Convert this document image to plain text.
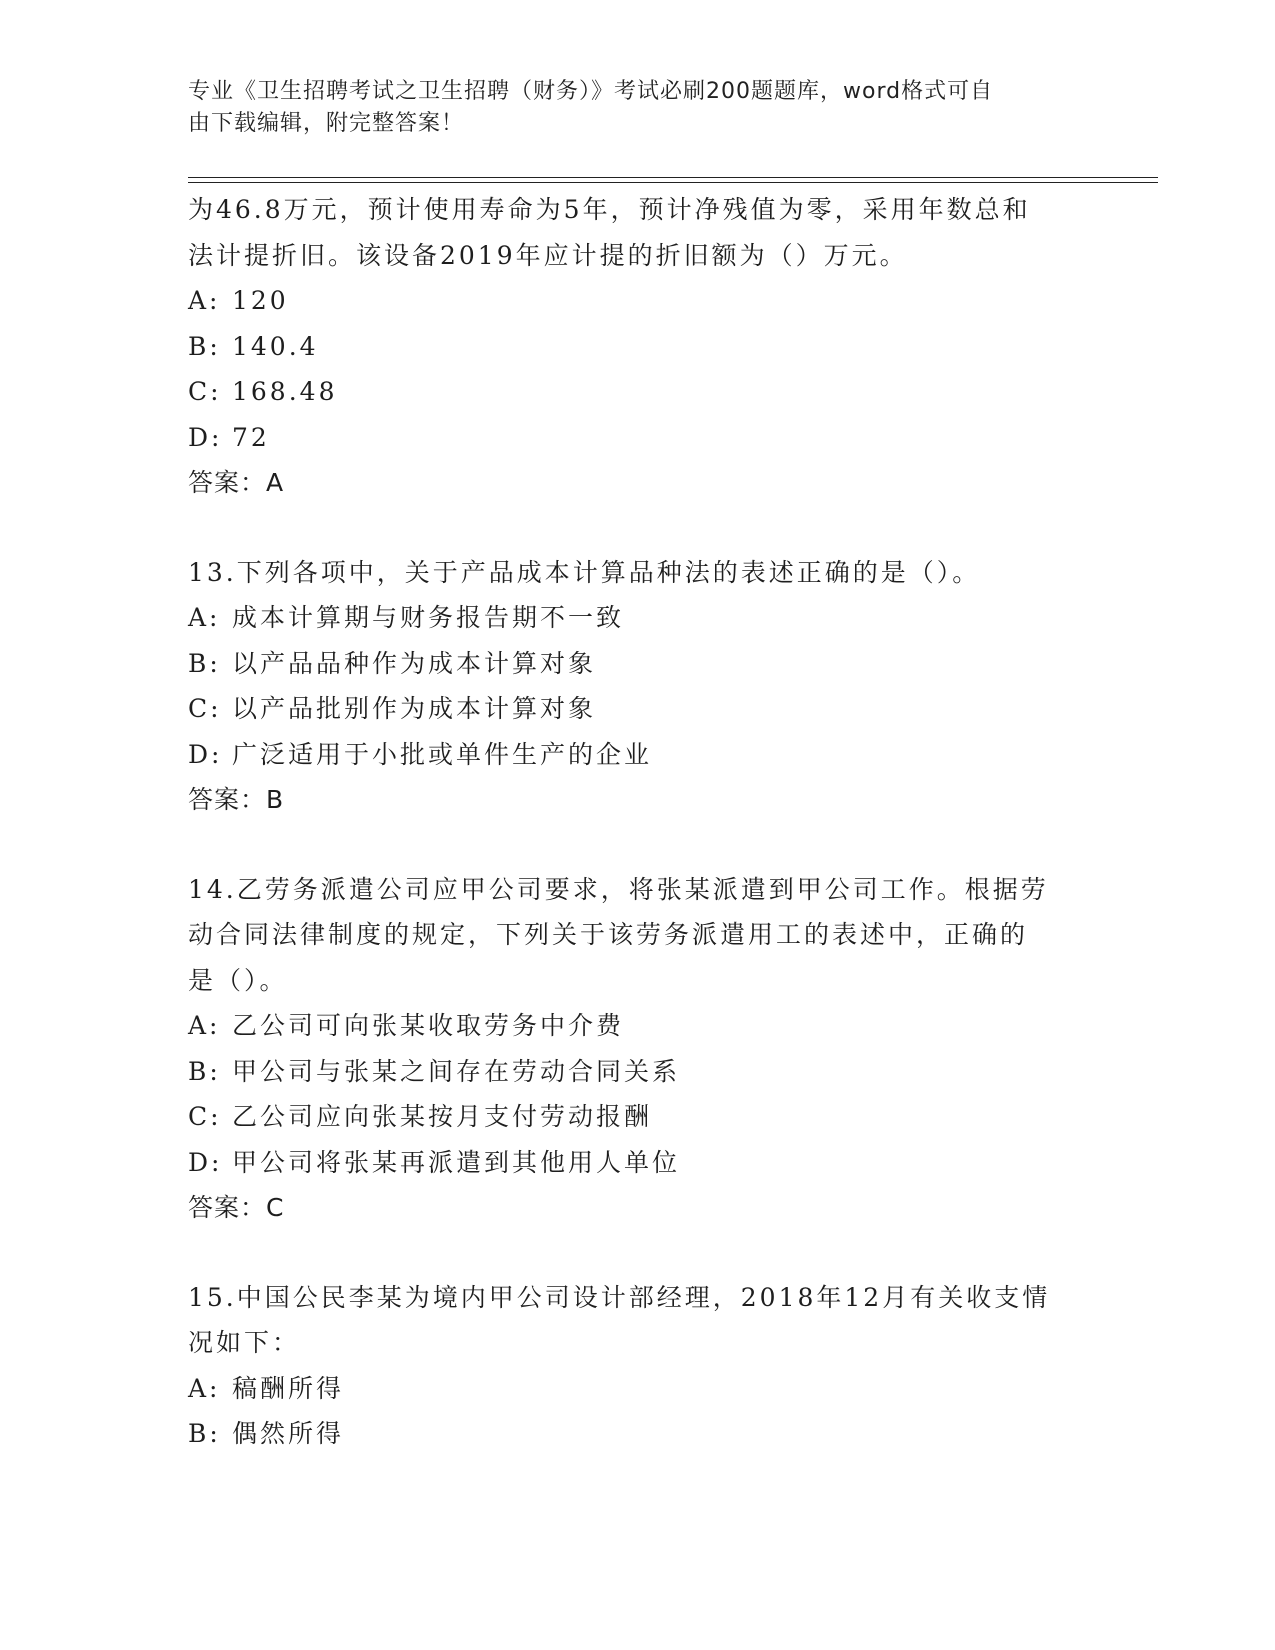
专业《卫生招聘考试之卫生招聘（财务）》考试必刷200题题库，word格式可自
由下载编辑，附完整答案！
为46.8万元，预计使用寿命为5年，预计净残值为零，采用年数总和
法计提折旧。该设备2019年应计提的折旧额为（）万元。
A: 120
B: 140.4
C: 168.48
D: 72
答案：A
13.下列各项中，关于产品成本计算品种法的表述正确的是（）。
A: 成本计算期与财务报告期不一致
B: 以产品品种作为成本计算对象
C: 以产品批别作为成本计算对象
D: 广泛适用于小批或单件生产的企业
答案：B
14.乙劳务派遣公司应甲公司要求，将张某派遣到甲公司工作。根据劳
动合同法律制度的规定，下列关于该劳务派遣用工的表述中，正确的
是（）。
A: 乙公司可向张某收取劳务中介费
B: 甲公司与张某之间存在劳动合同关系
C: 乙公司应向张某按月支付劳动报酬
D: 甲公司将张某再派遣到其他用人单位
答案：C
15.中国公民李某为境内甲公司设计部经理，2018年12月有关收支情
况如下：
A: 稿酬所得
B: 偶然所得
